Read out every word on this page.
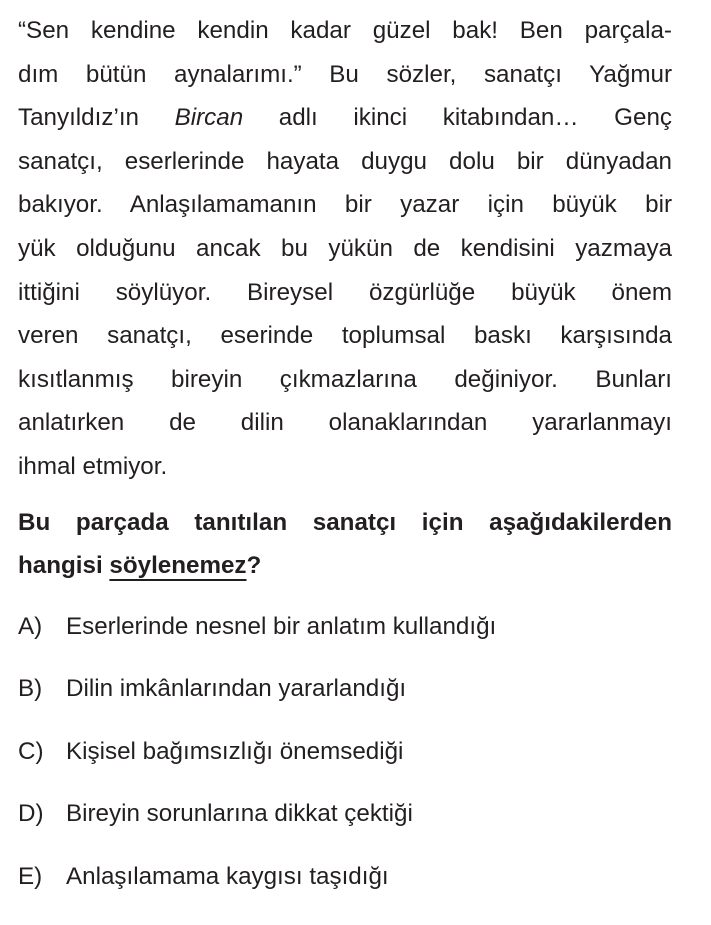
“Sen kendine kendin kadar güzel bak! Ben parçala-
dım bütün aynalarımı.” Bu sözler, sanatçı Yağmur
Tanyıldız’ın Bircan adlı ikinci kitabından… Genç
sanatçı, eserlerinde hayata duygu dolu bir dünyadan
bakıyor. Anlaşılamamanın bir yazar için büyük bir
yük olduğunu ancak bu yükün de kendisini yazmaya
ittiğini söylüyor. Bireysel özgürlüğe büyük önem
veren sanatçı, eserinde toplumsal baskı karşısında
kısıtlanmış bireyin çıkmazlarına değiniyor. Bunları
anlatırken de dilin olanaklarından yararlanmayı
ihmal etmiyor.

Bu parçada tanıtılan sanatçı için aşağıdakilerden
hangisi söylenemez?
A) Eserlerinde nesnel bir anlatım kullandığı
B) Dilin imkânlarından yararlandığı
C) Kişisel bağımsızlığı önemsediği
D) Bireyin sorunlarına dikkat çektiği
E) Anlaşılamama kaygısı taşıdığı
